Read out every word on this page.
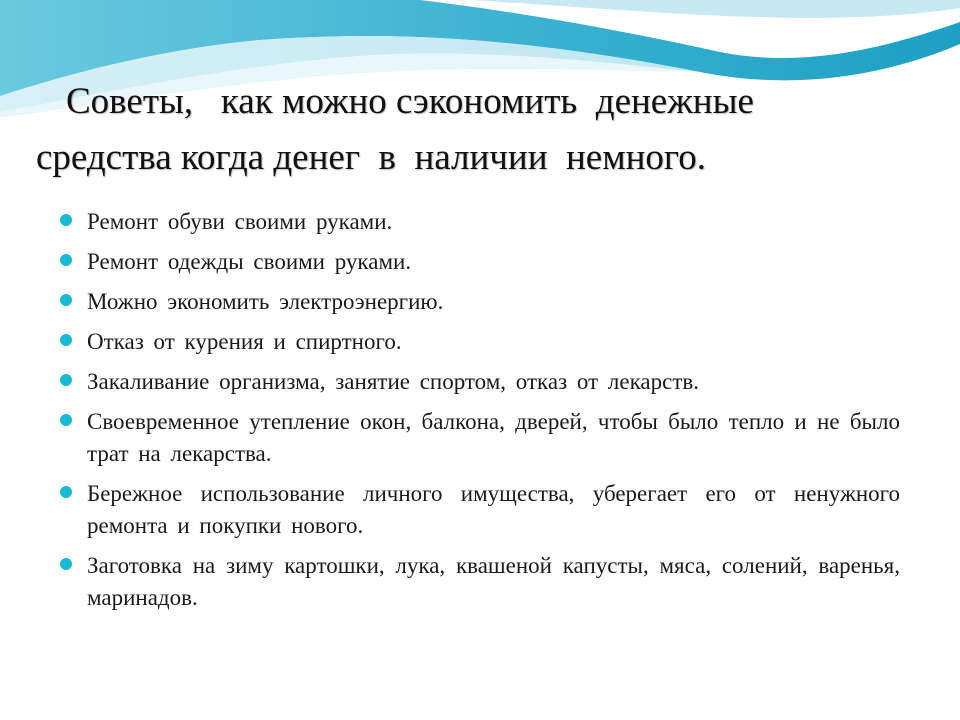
Советы,   как можно сэкономить  денежные
средства когда денег  в  наличии  немного.
Ремонт обуви своими руками.
Ремонт одежды своими руками.
Можно экономить электроэнергию.
Отказ от курения и спиртного.
Закаливание организма, занятие спортом, отказ от лекарств.
Своевременное утепление окон, балкона, дверей, чтобы было тепло и не было трат на лекарства.
Бережное использование личного имущества, уберегает его от ненужного ремонта и покупки нового.
Заготовка на зиму картошки, лука, квашеной капусты, мяса, солений, варенья, маринадов.
